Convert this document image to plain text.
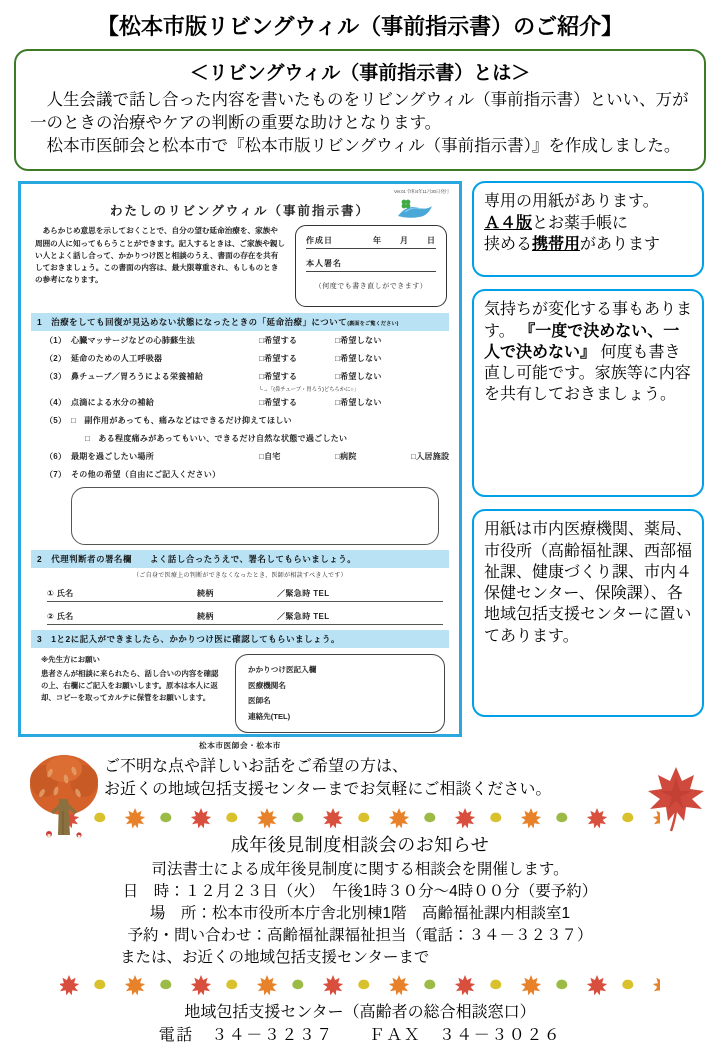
【松本市版リビングウィル（事前指示書）のご紹介】
＜リビングウィル（事前指示書）とは＞
人生会議で話し合った内容を書いたものをリビングウィル（事前指示書）といい、万が一のときの治療やケアの判断の重要な助けとなります。
松本市医師会と松本市で『松本市版リビングウィル（事前指示書）』を作成しました。
Ver.01 令和4年11月30日発行
わたしのリビングウィル（事前指示書）
あらかじめ意思を示しておくことで、自分の望む延命治療を、家族や周囲の人に知ってもらうことができます。記入するときは、ご家族や親しい人とよく話し合って、かかりつけ医と相談のうえ、書面の存在を共有しておきましょう。この書面の内容は、最大限尊重され、もしものときの参考になります。
作成日	年 月 日
本人署名
（何度でも書き直しができます）
1　治療をしても回復が見込めない状態になったときの「延命治療」について(裏面をご覧ください)
（1） 心臓マッサージなどの心肺蘇生法	□希望する	□希望しない
（2） 延命のための人工呼吸器	□希望する	□希望しない
（3） 鼻チューブ／胃ろうによる栄養補給	□希望する	□希望しない
└→「(鼻チューブ・胃ろう)どちらかに○」
（4） 点滴による水分の補給	□希望する	□希望しない
（5） □　副作用があっても、痛みなどはできるだけ抑えてほしい
□　ある程度痛みがあってもいい、できるだけ自然な状態で過ごしたい
（6） 最期を過ごしたい場所	□自宅	□病院	□入居施設
（7） その他の希望（自由にご記入ください）
2　代理判断者の署名欄　　よく話し合ったうえで、署名してもらいましょう。
（ご自身で医療上の判断ができなくなったとき、医師が相談すべき人です）
① 氏名	続柄	／緊急時 TEL
② 氏名	続柄	／緊急時 TEL
3　1と2に記入ができましたら、かかりつけ医に確認してもらいましょう。
※先生方にお願い
患者さんが相談に来られたら、話し合いの内容を確認の上、右欄にご記入をお願いします。原本は本人に返却、コピーを取ってカルテに保管をお願いします。
かかりつけ医記入欄
医療機関名
医師名
連絡先(TEL)
松本市医師会・松本市
専用の用紙があります。
Ａ４版とお薬手帳に
挟める携帯用があります
気持ちが変化する事もあります。 『一度で決めない、一人で決めない』 何度も書き直し可能です。家族等に内容を共有しておきましょう。
用紙は市内医療機関、薬局、市役所（高齢福祉課、西部福祉課、健康づくり課、市内４保健センター、保険課）、各地域包括支援センターに置いてあります。
ご不明な点や詳しいお話をご希望の方は、
お近くの地域包括支援センターまでお気軽にご相談ください。
成年後見制度相談会のお知らせ
司法書士による成年後見制度に関する相談会を開催します。
日　時：１２月２３日（火）　午後1時３０分～4時００分（要予約）
場　所：松本市役所本庁舎北別棟1階　高齢福祉課内相談室1
予約・問い合わせ：高齢福祉課福祉担当（電話：３４－３２３７）
または、お近くの地域包括支援センターまで
地域包括支援センター（高齢者の総合相談窓口）
電話　３４－３２３７　　ＦＡＸ　３４－３０２６
